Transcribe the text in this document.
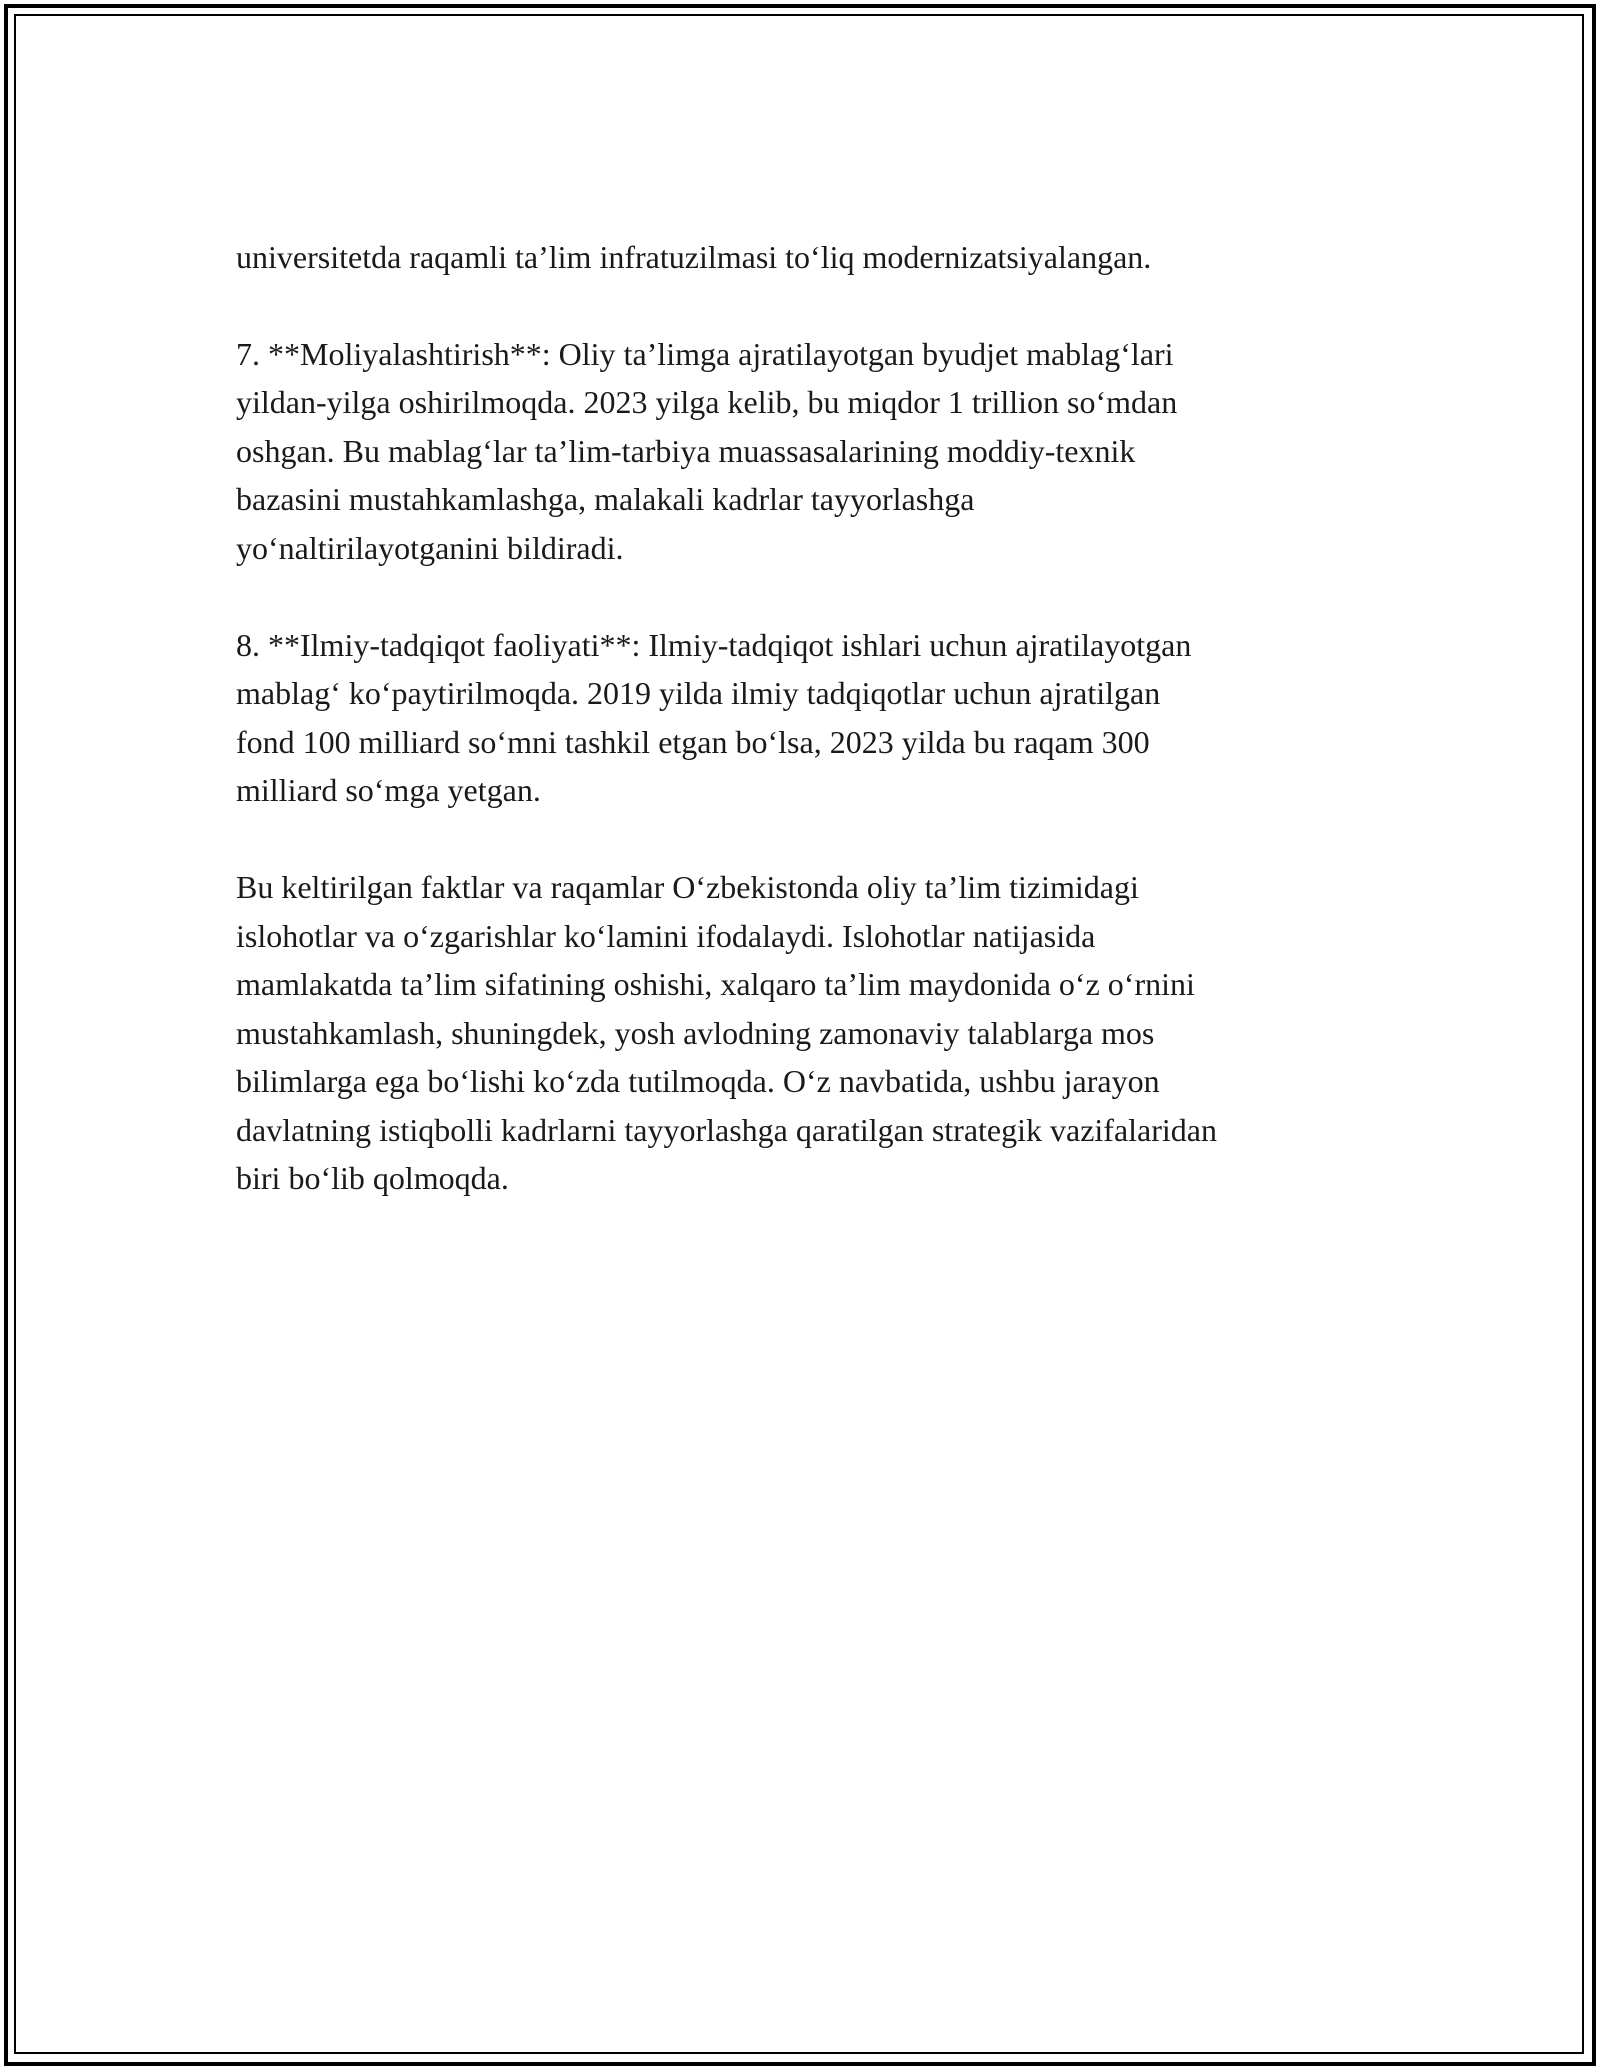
universitetda raqamli ta’lim infratuzilmasi to‘liq modernizatsiyalangan.

7. **Moliyalashtirish**: Oliy ta’limga ajratilayotgan byudjet mablag‘lari
yildan-yilga oshirilmoqda. 2023 yilga kelib, bu miqdor 1 trillion so‘mdan
oshgan. Bu mablag‘lar ta’lim-tarbiya muassasalarining moddiy-texnik
bazasini mustahkamlashga, malakali kadrlar tayyorlashga
yo‘naltirilayotganini bildiradi.

8. **Ilmiy-tadqiqot faoliyati**: Ilmiy-tadqiqot ishlari uchun ajratilayotgan
mablag‘ ko‘paytirilmoqda. 2019 yilda ilmiy tadqiqotlar uchun ajratilgan
fond 100 milliard so‘mni tashkil etgan bo‘lsa, 2023 yilda bu raqam 300
milliard so‘mga yetgan.

Bu keltirilgan faktlar va raqamlar O‘zbekistonda oliy ta’lim tizimidagi
islohotlar va o‘zgarishlar ko‘lamini ifodalaydi. Islohotlar natijasida
mamlakatda ta’lim sifatining oshishi, xalqaro ta’lim maydonida o‘z o‘rnini
mustahkamlash, shuningdek, yosh avlodning zamonaviy talablarga mos
bilimlarga ega bo‘lishi ko‘zda tutilmoqda. O‘z navbatida, ushbu jarayon
davlatning istiqbolli kadrlarni tayyorlashga qaratilgan strategik vazifalaridan
biri bo‘lib qolmoqda.
